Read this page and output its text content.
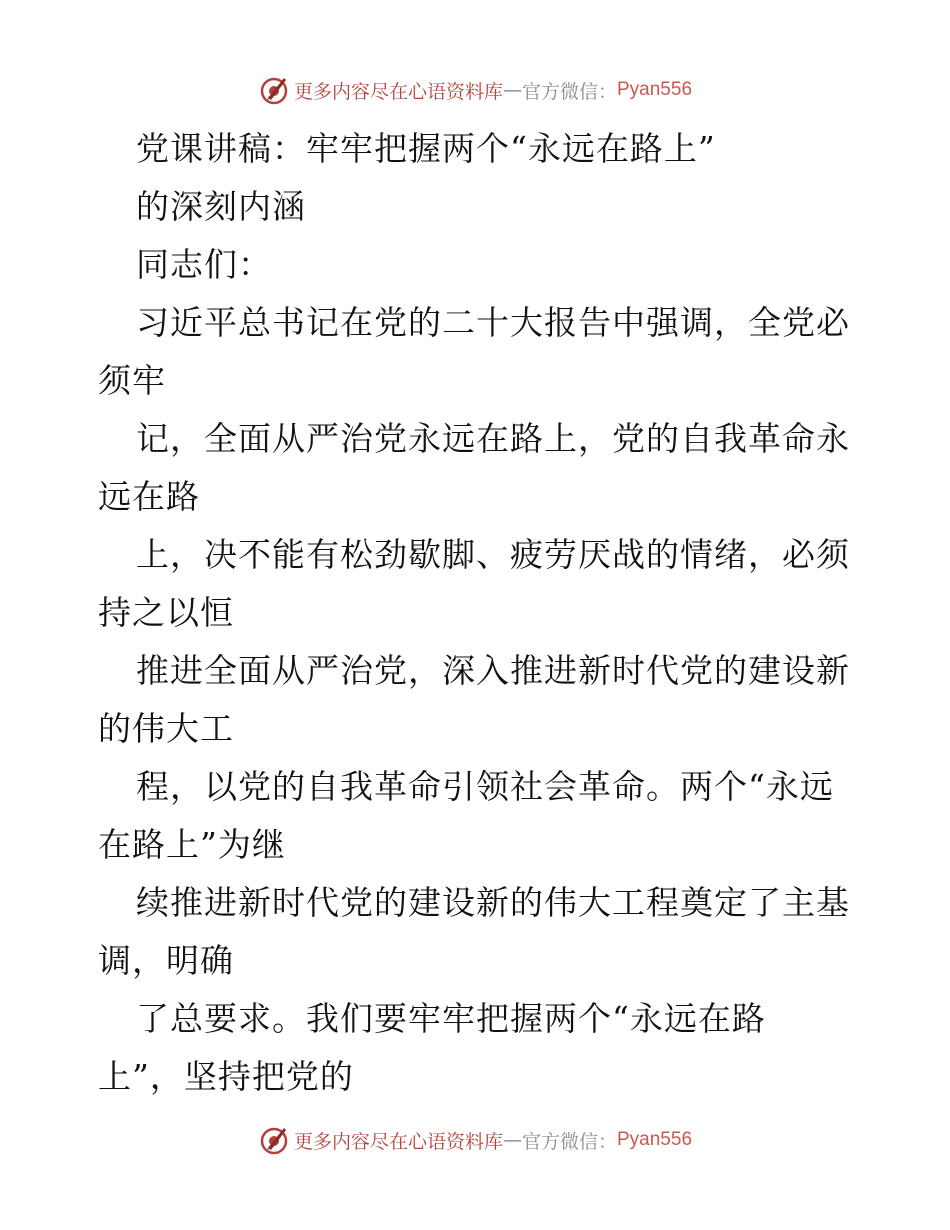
更多内容尽在心语资料库 — 官方微信： Pyan556
党课讲稿：牢牢把握两个“永远在路上”
的深刻内涵
同志们：
习近平总书记在党的二十大报告中强调，全党必
须牢
记，全面从严治党永远在路上，党的自我革命永
远在路
上，决不能有松劲歇脚、疲劳厌战的情绪，必须
持之以恒
推进全面从严治党，深入推进新时代党的建设新
的伟大工
程，以党的自我革命引领社会革命。两个“永远
在路上”为继
续推进新时代党的建设新的伟大工程奠定了主基
调，明确
了总要求。我们要牢牢把握两个“永远在路
上”，坚持把党的
更多内容尽在心语资料库 — 官方微信： Pyan556
